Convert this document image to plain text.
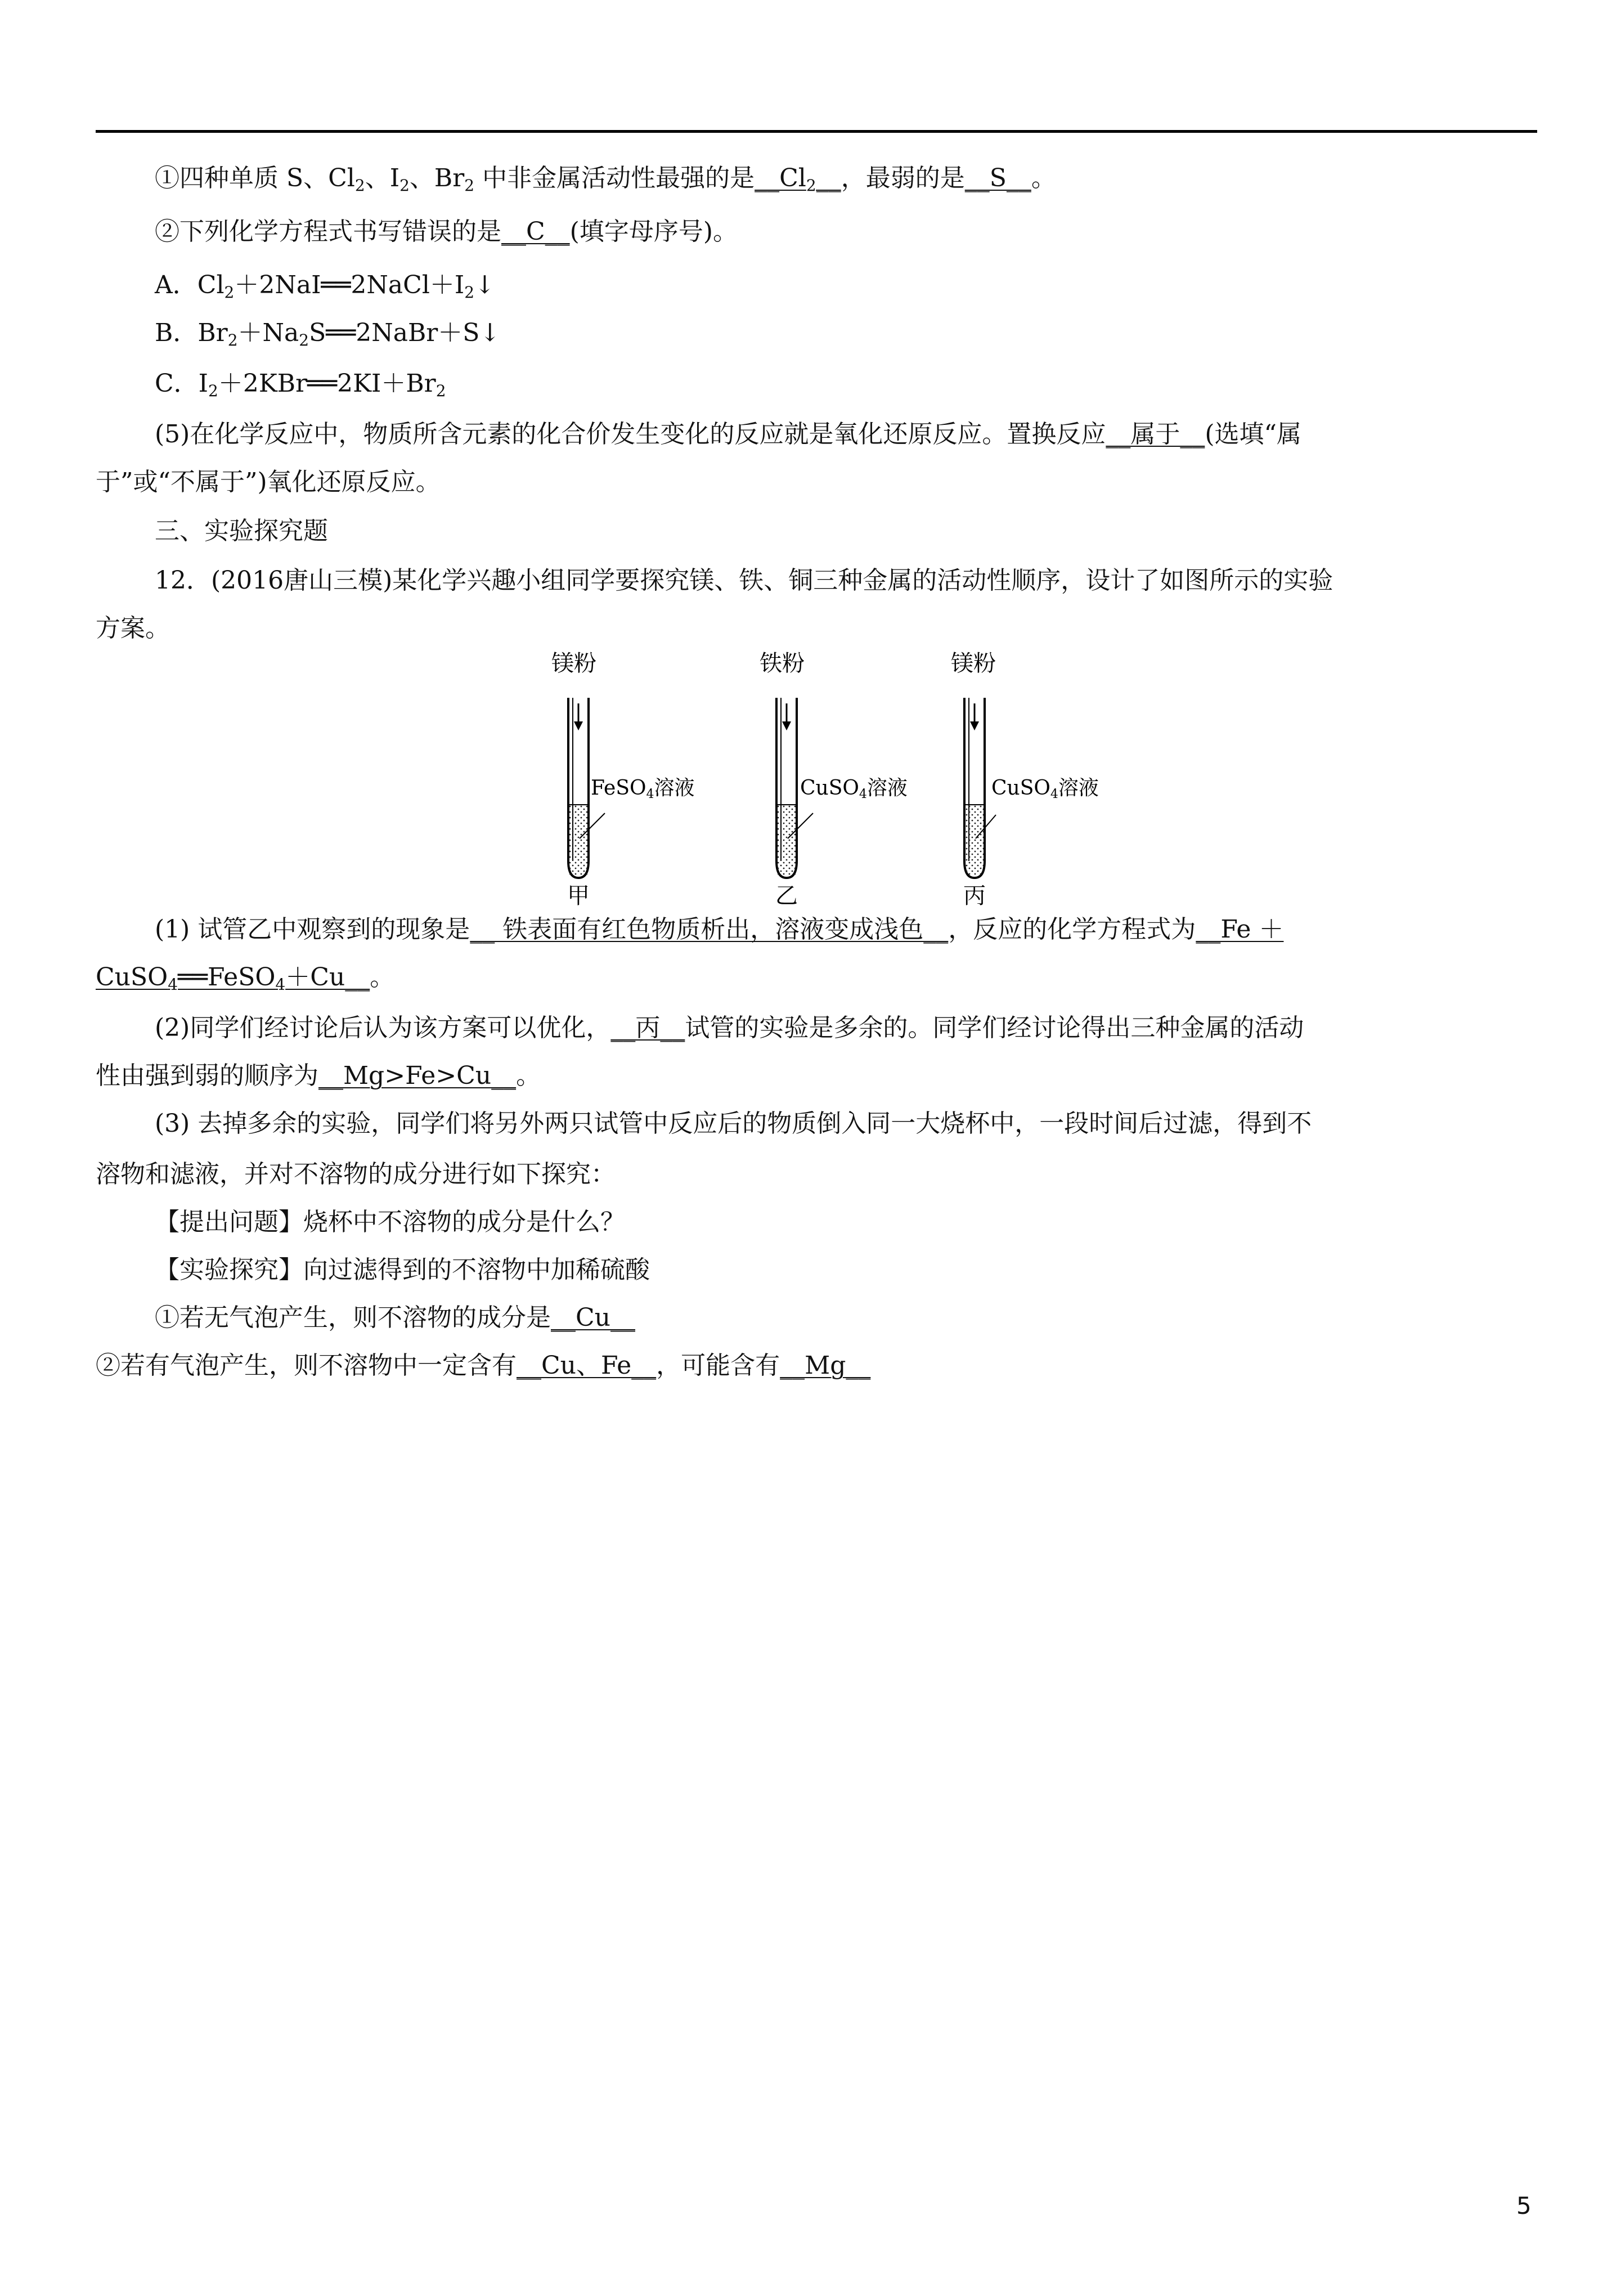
①四种单质 S、$Cl_2$、$I_2$、$Br_2$ 中非金属活动性最强的是$\_\_Cl_2\_\_$，最弱的是__S__。
②下列化学方程式书写错误的是__C__(填字母序号)。
A．$Cl_2+2NaI══2NaCl+I_2↓$
B．$Br_2+Na_2S══2NaBr+S↓$
C．$I_2+2KBr══2KI+Br_2$
(5)在化学反应中，物质所含元素的化合价发生变化的反应就是氧化还原反应。置换反应__属于__(选填“属
于”或“不属于”)氧化还原反应。
三、实验探究题
12．(2016唐山三模)某化学兴趣小组同学要探究镁、铁、铜三种金属的活动性顺序，设计了如图所示的实验
方案。
镁粉
FeSO4溶液
甲
铁粉
CuSO4溶液
乙
镁粉
CuSO4溶液
丙
(1) 试管乙中观察到的现象是__ 铁表面有红色物质析出，溶液变成浅色__，反应的化学方程式为__Fe ＋
CuSO$_4$══FeSO$_4$＋Cu__。
(2)同学们经讨论后认为该方案可以优化，__丙__试管的实验是多余的。同学们经讨论得出三种金属的活动
性由强到弱的顺序为__Mg>Fe>Cu__。
(3) 去掉多余的实验，同学们将另外两只试管中反应后的物质倒入同一大烧杯中，一段时间后过滤，得到不
溶物和滤液，并对不溶物的成分进行如下探究：
【提出问题】烧杯中不溶物的成分是什么？
【实验探究】向过滤得到的不溶物中加稀硫酸
①若无气泡产生，则不溶物的成分是__Cu__
②若有气泡产生，则不溶物中一定含有__Cu、Fe__，可能含有__Mg__
5
